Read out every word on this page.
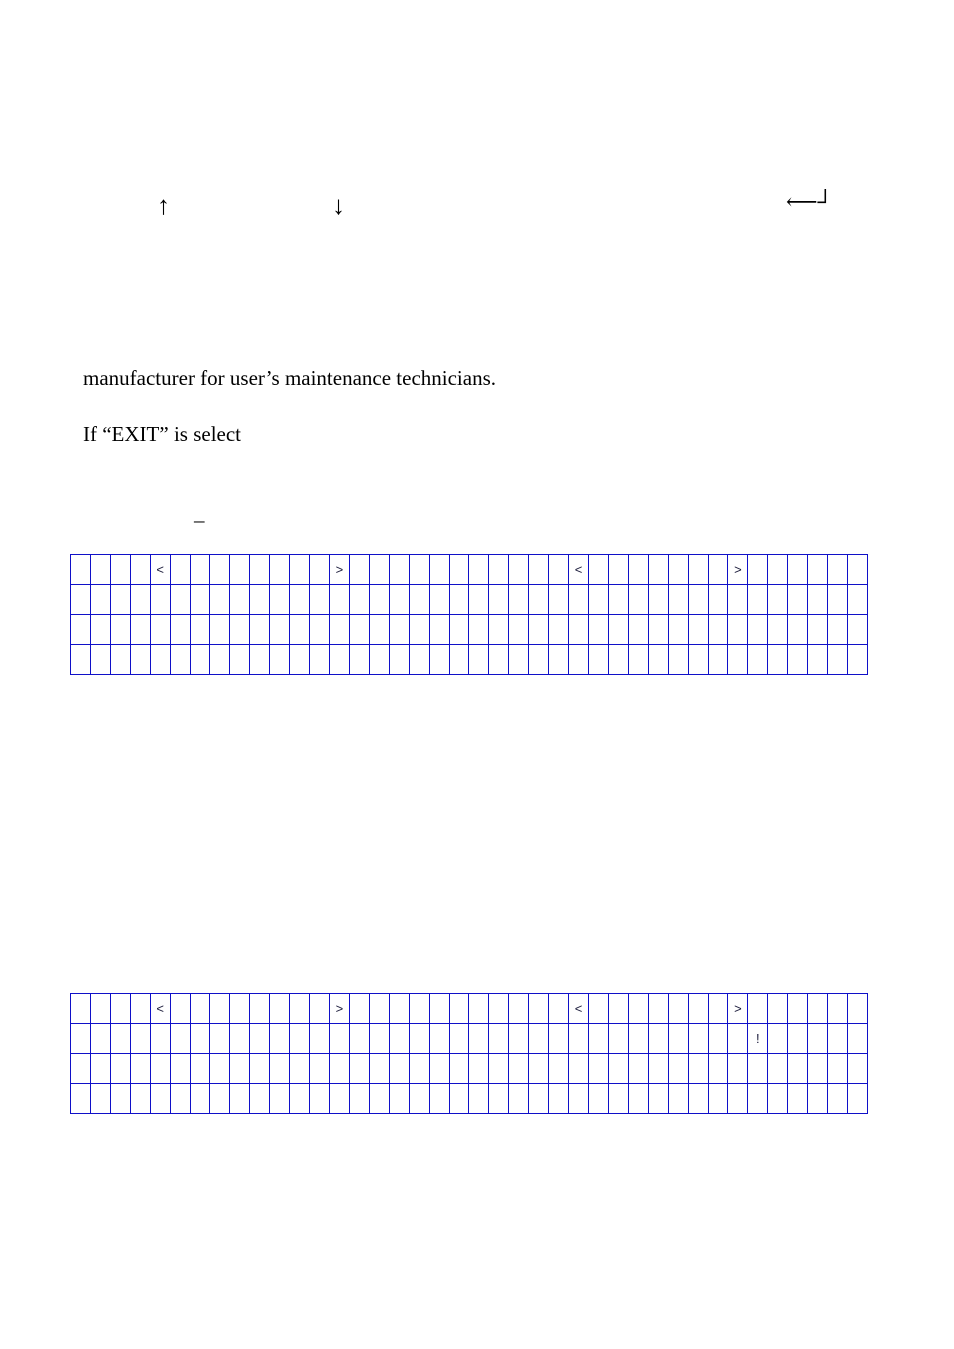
↑	↓	⟵┘
manufacturer for user’s maintenance technicians.
If “EXIT” is select
–
				<									>												<								>						

				<									>												<								>						
																																		!					
